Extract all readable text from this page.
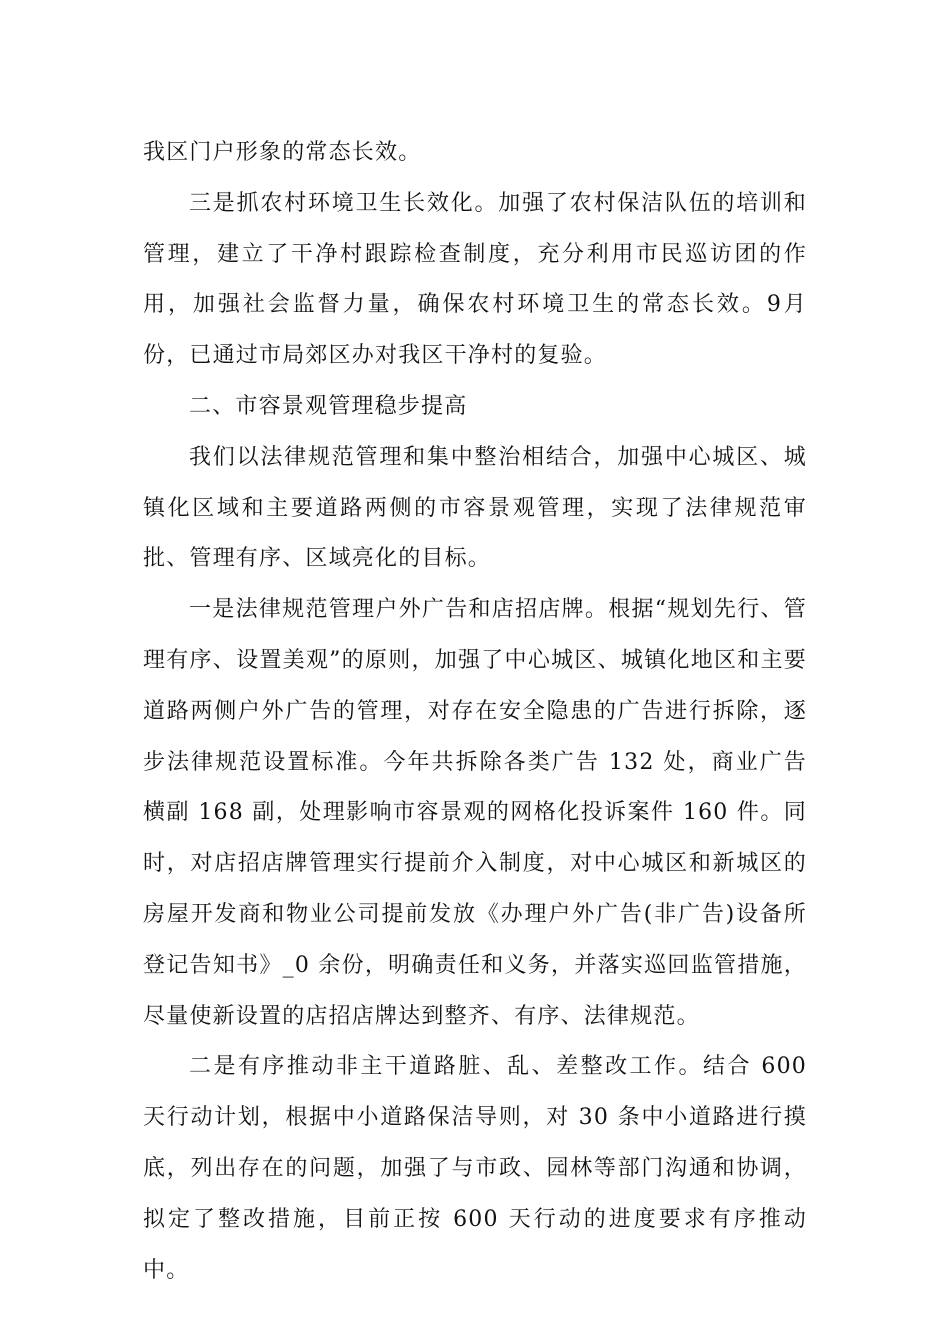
我区门户形象的常态长效。

三是抓农村环境卫生长效化。加强了农村保洁队伍的培训和管理，建立了干净村跟踪检查制度，充分利用市民巡访团的作用，加强社会监督力量，确保农村环境卫生的常态长效。9月份，已通过市局郊区办对我区干净村的复验。

二、市容景观管理稳步提高

我们以法律规范管理和集中整治相结合，加强中心城区、城镇化区域和主要道路两侧的市容景观管理，实现了法律规范审批、管理有序、区域亮化的目标。

一是法律规范管理户外广告和店招店牌。根据“规划先行、管理有序、设置美观”的原则，加强了中心城区、城镇化地区和主要道路两侧户外广告的管理，对存在安全隐患的广告进行拆除，逐步法律规范设置标准。今年共拆除各类广告 132 处，商业广告横副 168 副，处理影响市容景观的网格化投诉案件 160 件。同时，对店招店牌管理实行提前介入制度，对中心城区和新城区的房屋开发商和物业公司提前发放《办理户外广告(非广告)设备所登记告知书》_0 余份，明确责任和义务，并落实巡回监管措施，尽量使新设置的店招店牌达到整齐、有序、法律规范。

二是有序推动非主干道路脏、乱、差整改工作。结合 600 天行动计划，根据中小道路保洁导则，对 30 条中小道路进行摸底，列出存在的问题，加强了与市政、园林等部门沟通和协调，拟定了整改措施，目前正按 600 天行动的进度要求有序推动中。
